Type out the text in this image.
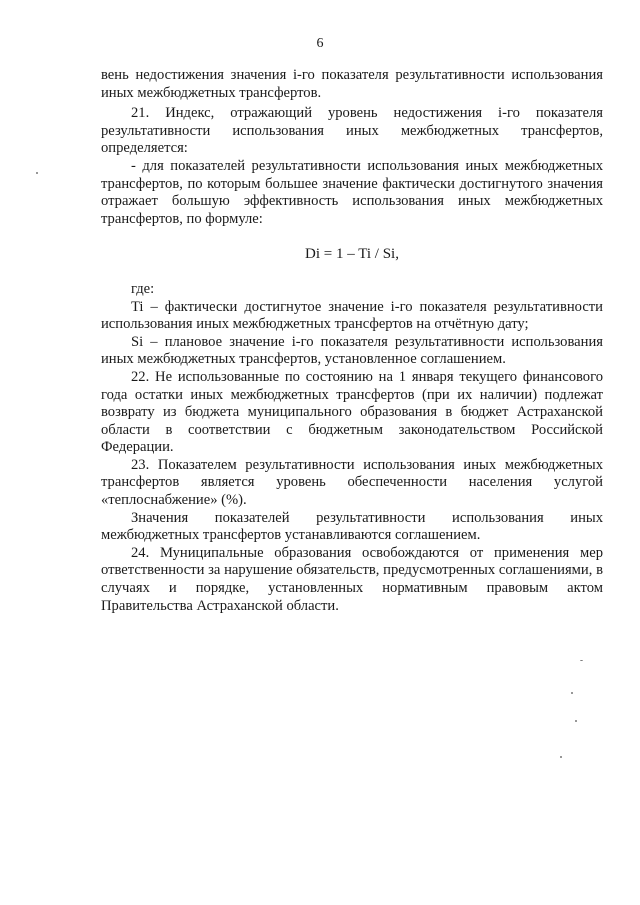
6

вень недостижения значения i-го показателя результативности использования иных межбюджетных трансфертов.

21. Индекс, отражающий уровень недостижения i-го показателя результативности использования иных межбюджетных трансфертов, определяется:

- для показателей результативности использования иных межбюджетных трансфертов, по которым большее значение фактически достигнутого значения отражает большую эффективность использования иных межбюджетных трансфертов, по формуле:

Di = 1 – Ti / Si,

где:

Ti – фактически достигнутое значение i-го показателя результативности использования иных межбюджетных трансфертов на отчётную дату;

Si – плановое значение i-го показателя результативности использования иных межбюджетных трансфертов, установленное соглашением.

22. Не использованные по состоянию на 1 января текущего финансового года остатки иных межбюджетных трансфертов (при их наличии) подлежат возврату из бюджета муниципального образования в бюджет Астраханской области в соответствии с бюджетным законодательством Российской Федерации.

23. Показателем результативности использования иных межбюджетных трансфертов является уровень обеспеченности населения услугой «теплоснабжение» (%).

Значения показателей результативности использования иных межбюджетных трансфертов устанавливаются соглашением.

24. Муниципальные образования освобождаются от применения мер ответственности за нарушение обязательств, предусмотренных соглашениями, в случаях и порядке, установленных нормативным правовым актом Правительства Астраханской области.
